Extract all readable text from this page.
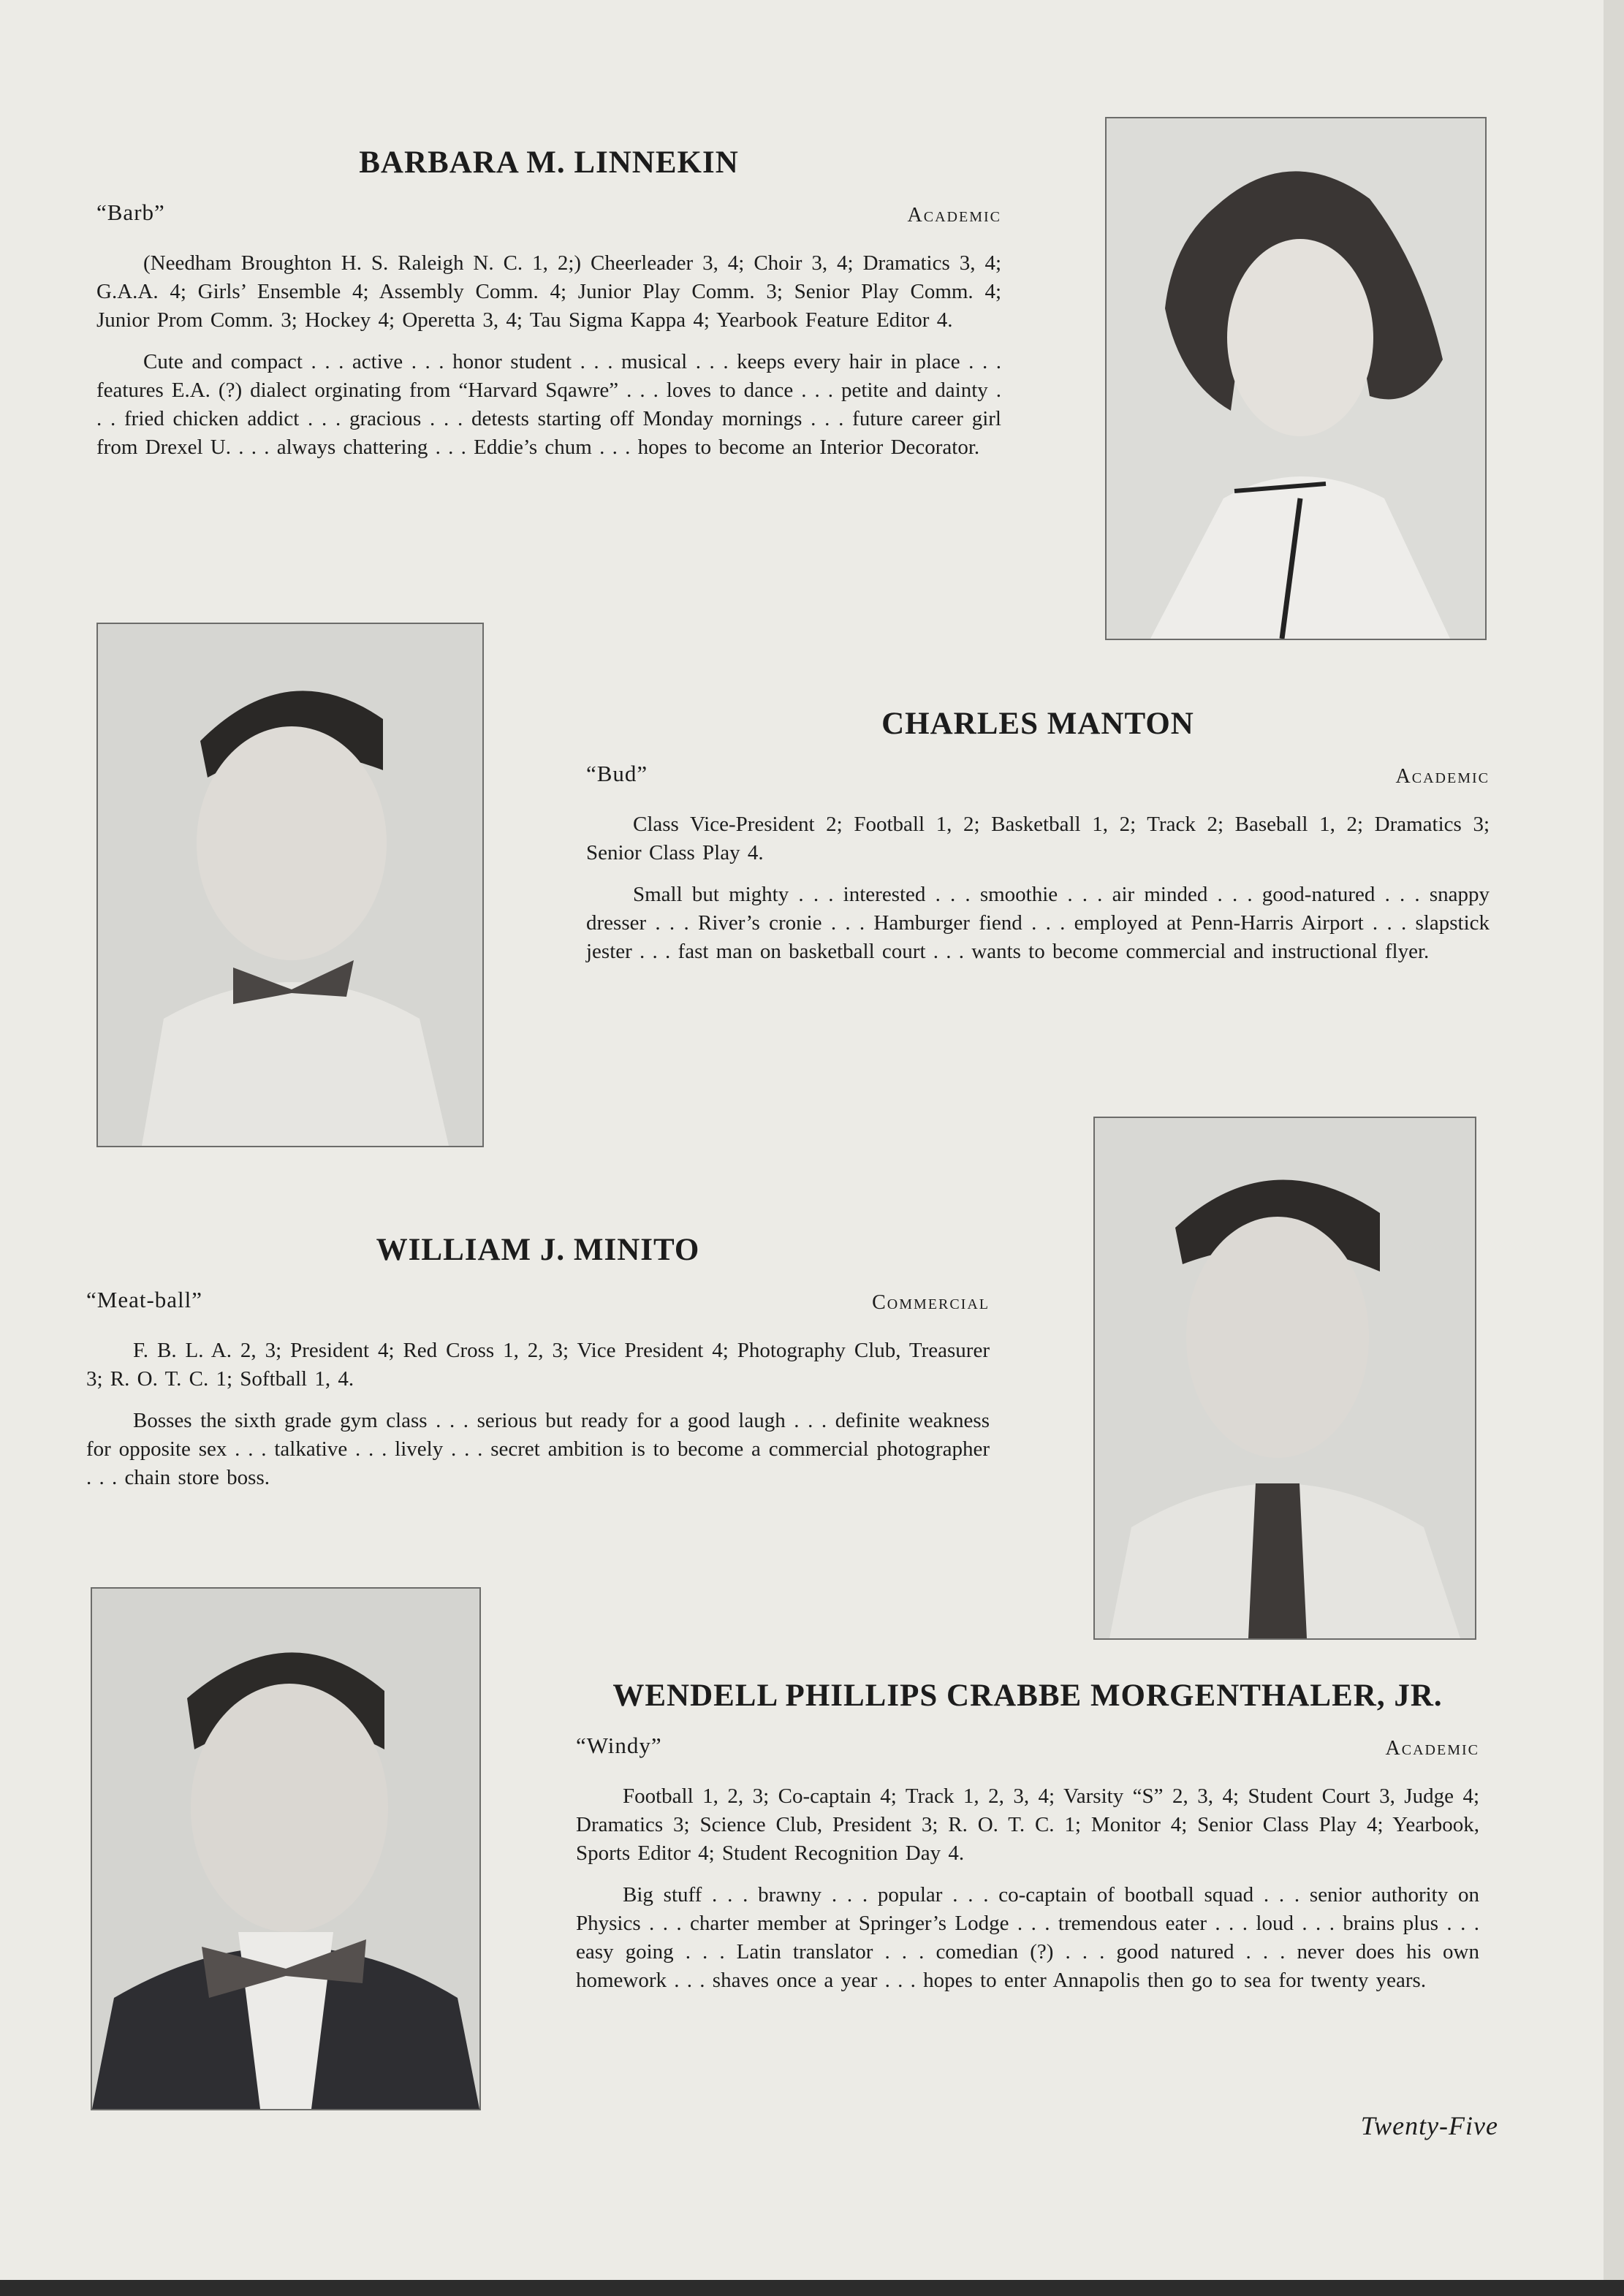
BARBARA M. LINNEKIN
“Barb”	Academic

(Needham Broughton H. S. Raleigh N. C. 1, 2;) Cheerleader 3, 4; Choir 3, 4; Dramatics 3, 4; G.A.A. 4; Girls’ Ensemble 4; Assembly Comm. 4; Junior Play Comm. 3; Senior Play Comm. 4; Junior Prom Comm. 3; Hockey 4; Operetta 3, 4; Tau Sigma Kappa 4; Yearbook Feature Editor 4.

Cute and compact . . . active . . . honor student . . . musical . . . keeps every hair in place . . . features E.A. (?) dialect orginating from “Harvard Sqawre” . . . loves to dance . . . petite and dainty . . . fried chicken addict . . . gracious . . . detests starting off Monday mornings . . . future career girl from Drexel U. . . . always chattering . . . Eddie’s chum . . . hopes to become an Interior Decorator.

CHARLES MANTON
“Bud”	Academic

Class Vice-President 2; Football 1, 2; Basketball 1, 2; Track 2; Baseball 1, 2; Dramatics 3; Senior Class Play 4.

Small but mighty . . . interested . . . smoothie . . . air minded . . . good-natured . . . snappy dresser . . . River’s cronie . . . Hamburger fiend . . . employed at Penn-Harris Airport . . . slapstick jester . . . fast man on basketball court . . . wants to become commercial and instructional flyer.

WILLIAM J. MINITO
“Meat-ball”	Commercial

F. B. L. A. 2, 3; President 4; Red Cross 1, 2, 3; Vice President 4; Photography Club, Treasurer 3; R. O. T. C. 1; Softball 1, 4.

Bosses the sixth grade gym class . . . serious but ready for a good laugh . . . definite weakness for opposite sex . . . talkative . . . lively . . . secret ambition is to become a commercial photographer . . . chain store boss.

WENDELL PHILLIPS CRABBE MORGENTHALER, JR.
“Windy”	Academic

Football 1, 2, 3; Co-captain 4; Track 1, 2, 3, 4; Varsity “S” 2, 3, 4; Student Court 3, Judge 4; Dramatics 3; Science Club, President 3; R. O. T. C. 1; Monitor 4; Senior Class Play 4; Yearbook, Sports Editor 4; Student Recognition Day 4.

Big stuff . . . brawny . . . popular . . . co-captain of bootball squad . . . senior authority on Physics . . . charter member at Springer’s Lodge . . . tremendous eater . . . loud . . . brains plus . . . easy going . . . Latin translator . . . comedian (?) . . . good natured . . . never does his own homework . . . shaves once a year . . . hopes to enter Annapolis then go to sea for twenty years.

Twenty-Five
